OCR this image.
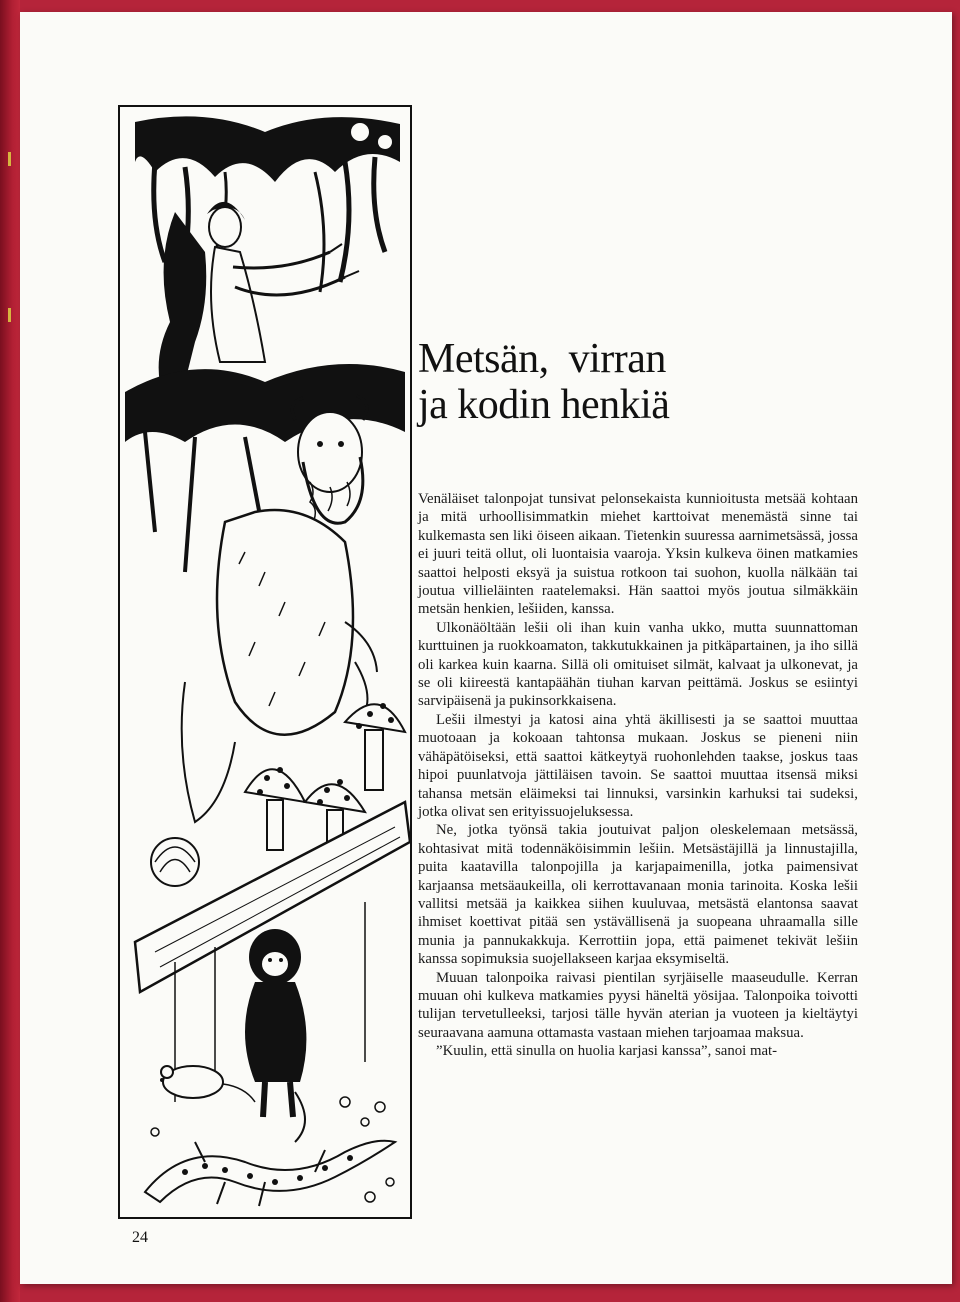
Metsän,  virran
ja kodin henkiä

Venäläiset talonpojat tunsivat pelonsekaista kunnioitusta metsää kohtaan ja mitä urhoollisimmatkin miehet karttoivat menemästä sinne tai kulkemasta sen liki öiseen aikaan. Tietenkin suuressa aarnimetsässä, jossa ei juuri teitä ollut, oli luontaisia vaaroja. Yksin kulkeva öinen matkamies saattoi helposti eksyä ja suistua rotkoon tai suohon, kuolla nälkään tai joutua villieläinten raatelemaksi. Hän saattoi myös joutua silmäkkäin metsän henkien, lešiiden, kanssa.

Ulkonäöltään lešii oli ihan kuin vanha ukko, mutta suunnattoman kurttuinen ja ruokkoamaton, takkutukkainen ja pitkäpartainen, ja iho sillä oli karkea kuin kaarna. Sillä oli omituiset silmät, kalvaat ja ulkonevat, ja se oli kiireestä kantapäähän tiuhan karvan peittämä. Joskus se esiintyi sarvipäisenä ja pukinsorkkaisena.

Lešii ilmestyi ja katosi aina yhtä äkillisesti ja se saattoi muuttaa muotoaan ja kokoaan tahtonsa mukaan. Joskus se pieneni niin vähäpätöiseksi, että saattoi kätkeytyä ruohonlehden taakse, joskus taas hipoi puunlatvoja jättiläisen tavoin. Se saattoi muuttaa itsensä miksi tahansa metsän eläimeksi tai linnuksi, varsinkin karhuksi tai sudeksi, jotka olivat sen erityissuojeluksessa.

Ne, jotka työnsä takia joutuivat paljon oleskelemaan metsässä, kohtasivat mitä todennäköisimmin lešiin. Metsästäjillä ja linnustajilla, puita kaatavilla talonpojilla ja karjapaimenilla, jotka paimensivat karjaansa metsäaukeilla, oli kerrottavanaan monia tarinoita. Koska lešii vallitsi metsää ja kaikkea siihen kuuluvaa, metsästä elantonsa saavat ihmiset koettivat pitää sen ystävällisenä ja suopeana uhraamalla sille munia ja pannukakkuja. Kerrottiin jopa, että paimenet tekivät lešiin kanssa sopimuksia suojellakseen karjaa eksymiseltä.

Muuan talonpoika raivasi pientilan syrjäiselle maaseudulle. Kerran muuan ohi kulkeva matkamies pyysi häneltä yösijaa. Talonpoika toivotti tulijan tervetulleeksi, tarjosi tälle hyvän aterian ja vuoteen ja kieltäytyi seuraavana aamuna ottamasta vastaan miehen tarjoamaa maksua.

”Kuulin, että sinulla on huolia karjasi kanssa”, sanoi mat-

24
